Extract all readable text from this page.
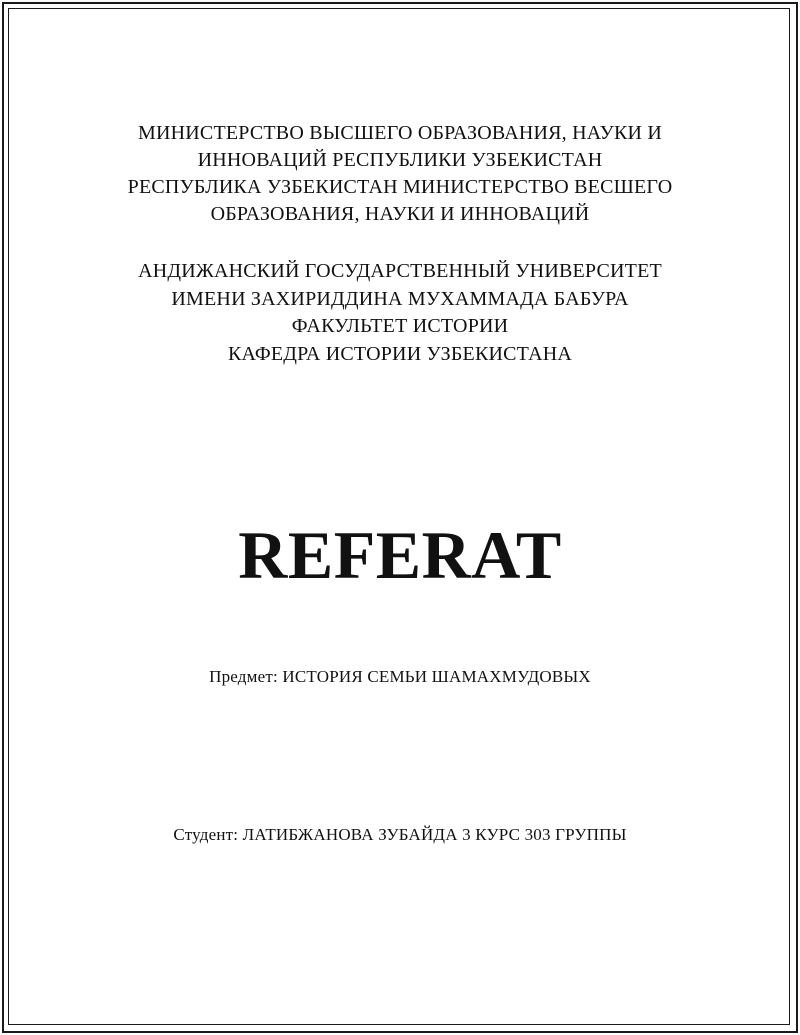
МИНИСТЕРСТВО ВЫСШЕГО ОБРАЗОВАНИЯ, НАУКИ И
ИННОВАЦИЙ РЕСПУБЛИКИ УЗБЕКИСТАН
РЕСПУБЛИКА УЗБЕКИСТАН МИНИСТЕРСТВО ВЕСШЕГО
ОБРАЗОВАНИЯ, НАУКИ И ИННОВАЦИЙ
АНДИЖАНСКИЙ ГОСУДАРСТВЕННЫЙ УНИВЕРСИТЕТ
ИМЕНИ ЗАХИРИДДИНА МУХАММАДА БАБУРА
ФАКУЛЬТЕТ ИСТОРИИ
КАФЕДРА ИСТОРИИ УЗБЕКИСТАНА
REFERAT
Предмет: ИСТОРИЯ СЕМЬИ ШАМАХМУДОВЫХ
Студент: ЛАТИБЖАНОВА ЗУБАЙДА 3 КУРС 303 ГРУППЫ
